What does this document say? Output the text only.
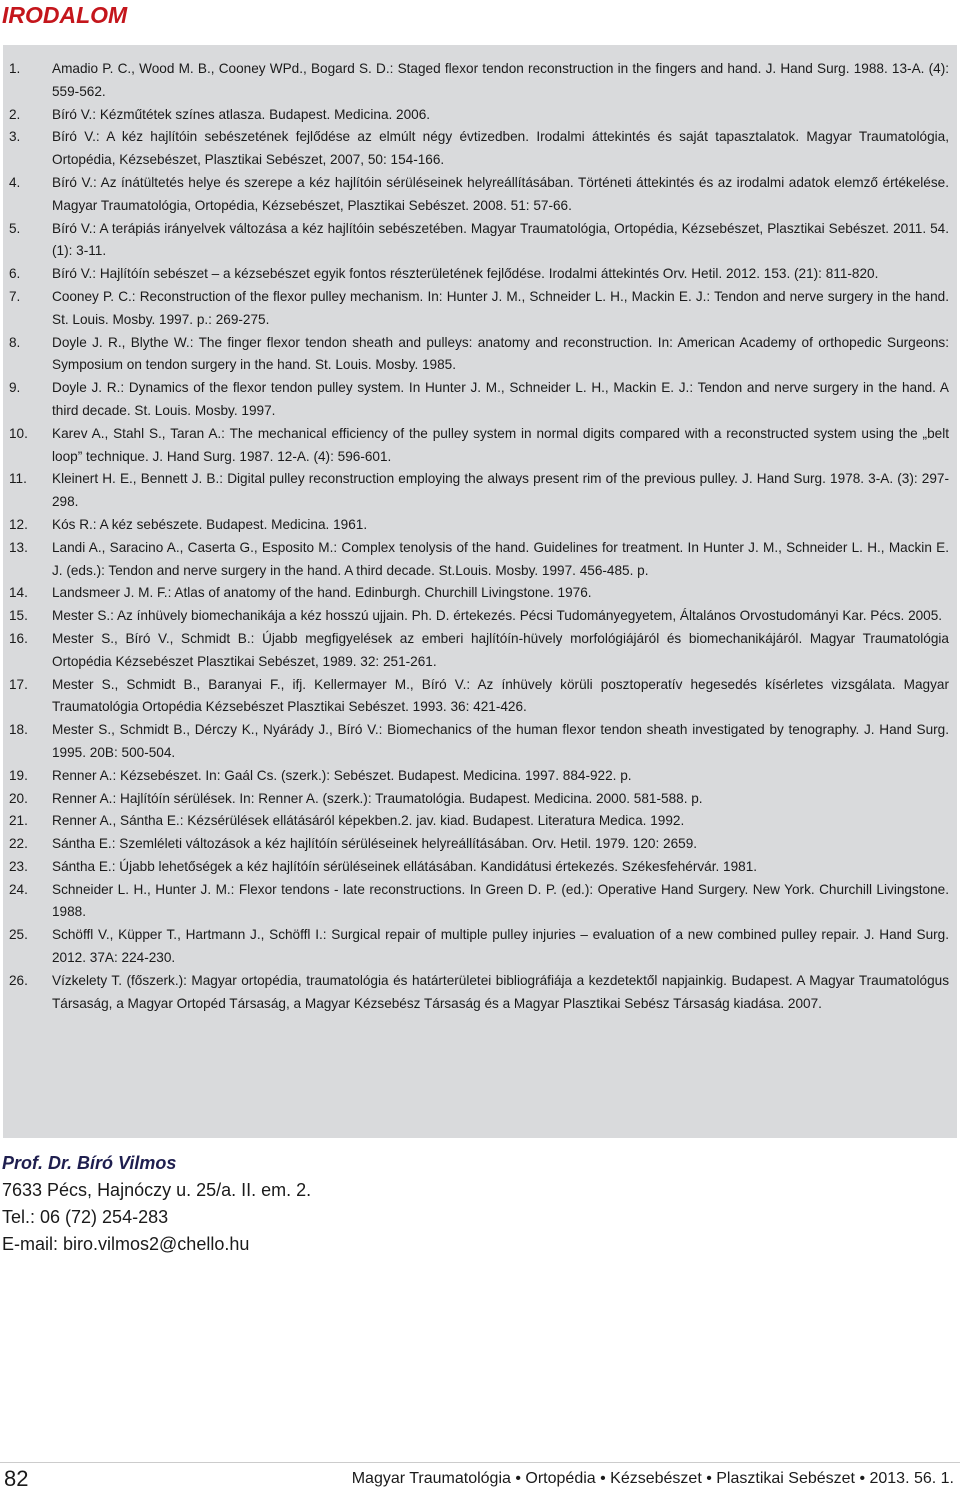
IRODALOM
1.	Amadio P. C., Wood M. B., Cooney WPd., Bogard S. D.: Staged flexor tendon reconstruction in the fingers and hand. J. Hand Surg. 1988. 13-A. (4): 559-562.
2.	Bíró V.: Kézműtétek színes atlasza. Budapest. Medicina. 2006.
3.	Bíró V.: A kéz hajlítóin sebészetének fejlődése az elmúlt négy évtizedben. Irodalmi áttekintés és saját tapasztalatok. Magyar Traumatológia, Ortopédia, Kézsebészet, Plasztikai Sebészet, 2007, 50: 154-166.
4.	Bíró V.: Az ínátültetés helye és szerepe a kéz hajlítóin sérüléseinek helyreállításában. Történeti áttekintés és az irodalmi adatok elemző értékelése. Magyar Traumatológia, Ortopédia, Kézsebészet, Plasztikai Sebészet. 2008. 51: 57-66.
5.	Bíró V.: A terápiás irányelvek változása a kéz hajlítóin sebészetében. Magyar Traumatológia, Ortopédia, Kézsebészet, Plasztikai Sebészet. 2011. 54. (1): 3-11.
6.	Bíró V.: Hajlítóín sebészet – a kézsebészet egyik fontos részterületének fejlődése. Irodalmi áttekintés Orv. Hetil. 2012. 153. (21): 811-820.
7.	Cooney P. C.: Reconstruction of the flexor pulley mechanism. In: Hunter J. M., Schneider L. H., Mackin E. J.: Tendon and nerve surgery in the hand. St. Louis. Mosby. 1997. p.: 269-275.
8.	Doyle J. R., Blythe W.: The finger flexor tendon sheath and pulleys: anatomy and reconstruction. In: American Academy of orthopedic Surgeons: Symposium on tendon surgery in the hand. St. Louis. Mosby. 1985.
9.	Doyle J. R.: Dynamics of the flexor tendon pulley system. In Hunter J. M., Schneider L. H., Mackin E. J.: Tendon and nerve surgery in the hand. A third decade. St. Louis. Mosby. 1997.
10.	Karev A., Stahl S., Taran A.: The mechanical efficiency of the pulley system in normal digits compared with a reconstructed system using the „belt loop” technique. J. Hand Surg. 1987. 12-A. (4): 596-601.
11.	Kleinert H. E., Bennett J. B.: Digital pulley reconstruction employing the always present rim of the previous pulley. J. Hand Surg. 1978. 3-A. (3): 297-298.
12.	Kós R.: A kéz sebészete. Budapest. Medicina. 1961.
13.	Landi A., Saracino A., Caserta G., Esposito M.: Complex tenolysis of the hand. Guidelines for treatment. In Hunter J. M., Schneider L. H., Mackin E. J. (eds.): Tendon and nerve surgery in the hand. A third decade. St.Louis. Mosby. 1997. 456-485. p.
14.	Landsmeer J. M. F.: Atlas of anatomy of the hand. Edinburgh. Churchill Livingstone. 1976.
15.	Mester S.: Az ínhüvely biomechanikája a kéz hosszú ujjain. Ph. D. értekezés. Pécsi Tudományegyetem, Általános Orvostudományi Kar. Pécs. 2005.
16.	Mester S., Bíró V., Schmidt B.: Újabb megfigyelések az emberi hajlítóín-hüvely morfológiájáról és biomechanikájáról. Magyar Traumatológia Ortopédia Kézsebészet Plasztikai Sebészet, 1989. 32: 251-261.
17.	Mester S., Schmidt B., Baranyai F., ifj. Kellermayer M., Bíró V.: Az ínhüvely körüli posztoperatív hegesedés kísérletes vizsgálata. Magyar Traumatológia Ortopédia Kézsebészet Plasztikai Sebészet. 1993. 36: 421-426.
18.	Mester S., Schmidt B., Dérczy K., Nyárády J., Bíró V.: Biomechanics of the human flexor tendon sheath investigated by tenography. J. Hand Surg. 1995. 20B: 500-504.
19.	Renner A.: Kézsebészet. In: Gaál Cs. (szerk.): Sebészet. Budapest. Medicina. 1997. 884-922. p.
20.	Renner A.: Hajlítóín sérülések. In: Renner A. (szerk.): Traumatológia. Budapest. Medicina. 2000. 581-588. p.
21.	Renner A., Sántha E.: Kézsérülések ellátásáról képekben.2. jav. kiad. Budapest. Literatura Medica. 1992.
22.	Sántha E.: Szemléleti változások a kéz hajlítóín sérüléseinek helyreállításában. Orv. Hetil. 1979. 120: 2659.
23.	Sántha E.: Újabb lehetőségek a kéz hajlítóín sérüléseinek ellátásában. Kandidátusi értekezés. Székesfehérvár. 1981.
24.	Schneider L. H., Hunter J. M.: Flexor tendons - late reconstructions. In Green D. P. (ed.): Operative Hand Surgery. New York. Churchill Livingstone. 1988.
25.	Schöffl V., Küpper T., Hartmann J., Schöffl I.: Surgical repair of multiple pulley injuries – evaluation of a new combined pulley repair. J. Hand Surg. 2012. 37A: 224-230.
26.	Vízkelety T. (főszerk.): Magyar ortopédia, traumatológia és határterületei bibliográfiája a kezdetektől napjainkig. Budapest. A Magyar Traumatológus Társaság, a Magyar Ortopéd Társaság, a Magyar Kézsebész Társaság és a Magyar Plasztikai Sebész Társaság kiadása. 2007.
Prof. Dr. Bíró Vilmos
7633 Pécs, Hajnóczy u. 25/a. II. em. 2.
Tel.: 06 (72) 254-283
E-mail: biro.vilmos2@chello.hu
82	Magyar Traumatológia • Ortopédia • Kézsebészet • Plasztikai Sebészet • 2013. 56. 1.
